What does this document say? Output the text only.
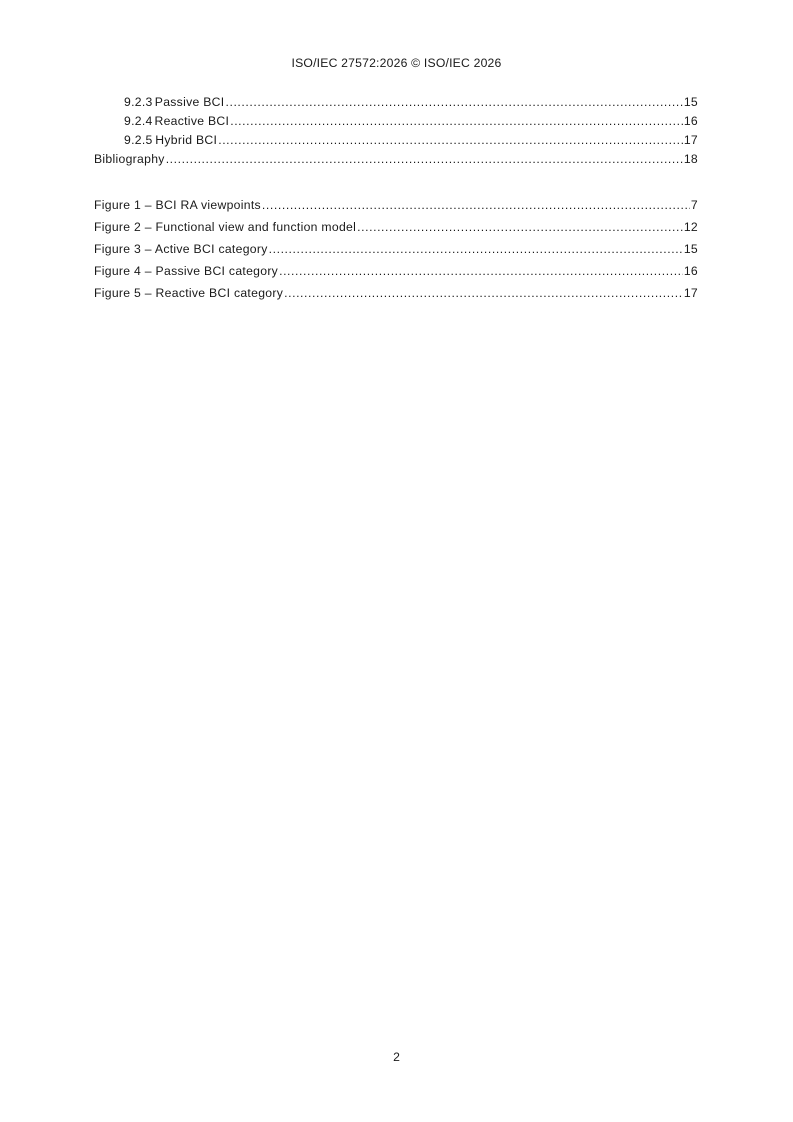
ISO/IEC 27572:2026 © ISO/IEC 2026
9.2.3 Passive BCI .....	15
9.2.4 Reactive BCI .....	16
9.2.5 Hybrid BCI .....	17
Bibliography .....	18
Figure 1 – BCI RA viewpoints .....	7
Figure 2 – Functional view and function model .....	12
Figure 3 – Active BCI category .....	15
Figure 4 – Passive BCI category .....	16
Figure 5 – Reactive BCI category .....	17
2
